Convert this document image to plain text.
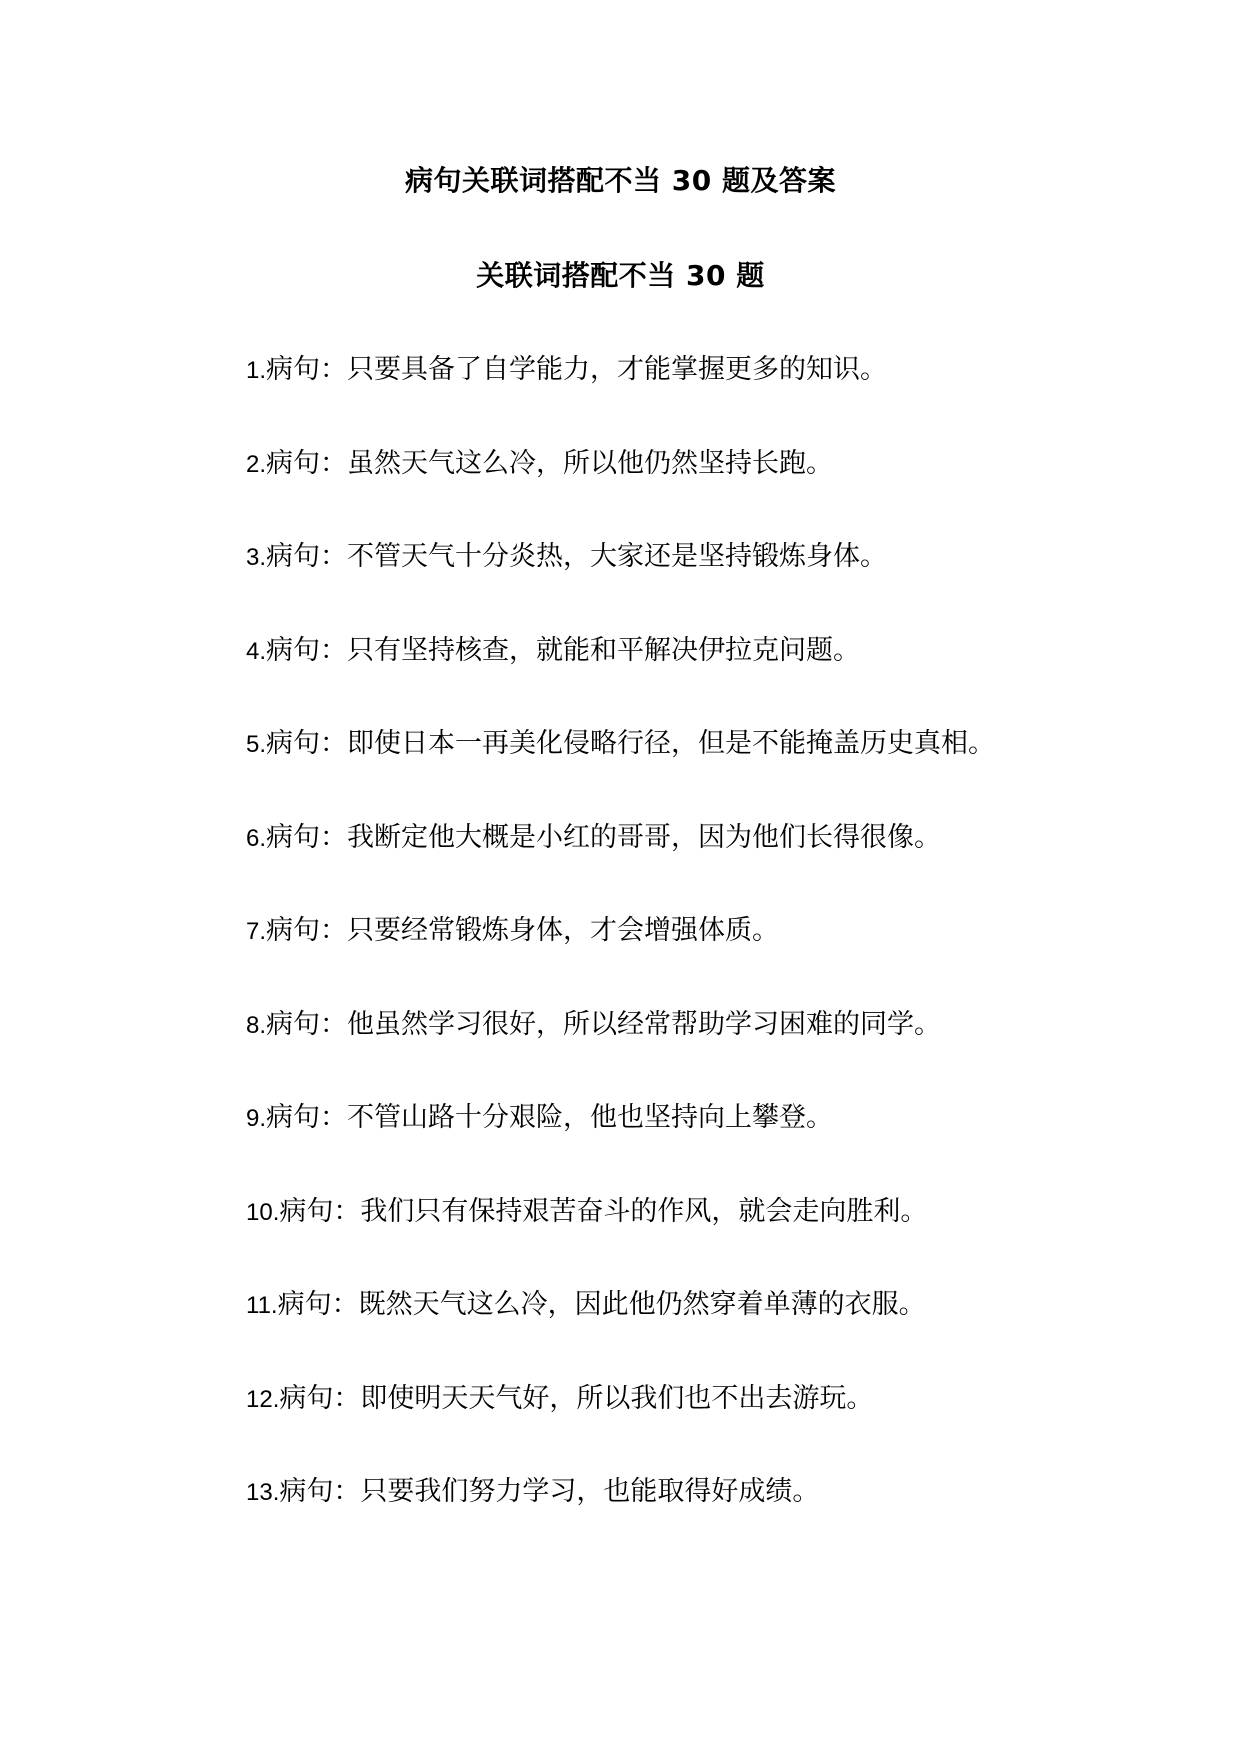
病句关联词搭配不当 30 题及答案
关联词搭配不当 30 题
1.病句：只要具备了自学能力，才能掌握更多的知识。
2.病句：虽然天气这么冷，所以他仍然坚持长跑。
3.病句：不管天气十分炎热，大家还是坚持锻炼身体。
4.病句：只有坚持核查，就能和平解决伊拉克问题。
5.病句：即使日本一再美化侵略行径，但是不能掩盖历史真相。
6.病句：我断定他大概是小红的哥哥，因为他们长得很像。
7.病句：只要经常锻炼身体，才会增强体质。
8.病句：他虽然学习很好，所以经常帮助学习困难的同学。
9.病句：不管山路十分艰险，他也坚持向上攀登。
10.病句：我们只有保持艰苦奋斗的作风，就会走向胜利。
11.病句：既然天气这么冷，因此他仍然穿着单薄的衣服。
12.病句：即使明天天气好，所以我们也不出去游玩。
13.病句：只要我们努力学习，也能取得好成绩。
